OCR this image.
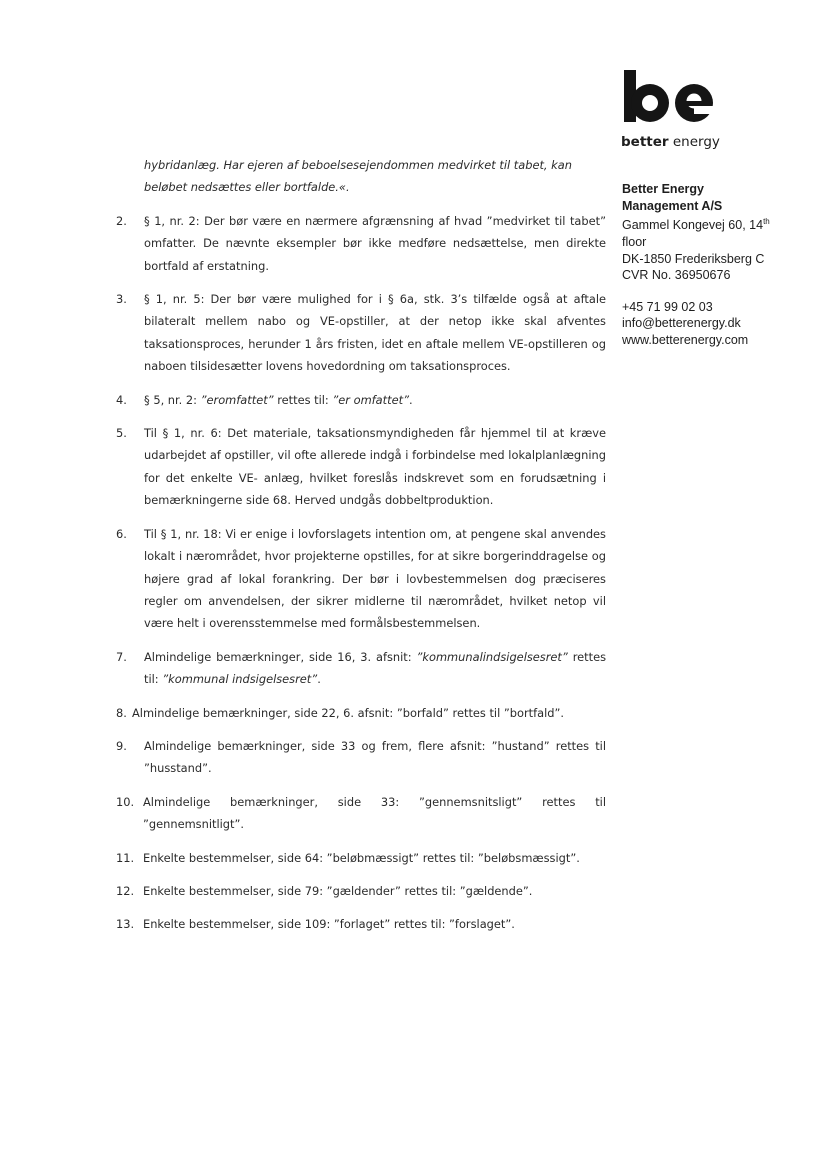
better energy
Better Energy
Management A/S
Gammel Kongevej 60, 14th
floor
DK-1850 Frederiksberg C
CVR No. 36950676
+45 71 99 02 03
info@betterenergy.dk
www.betterenergy.com
hybridanlæg. Har ejeren af beboelsesejendommen medvirket til tabet, kan beløbet nedsættes eller bortfalde.«.
2.	§ 1, nr. 2: Der bør være en nærmere afgrænsning af hvad ”medvirket til tabet” omfatter. De nævnte eksempler bør ikke medføre nedsættelse, men direkte bortfald af erstatning.
3.	§ 1, nr. 5: Der bør være mulighed for i § 6a, stk. 3’s tilfælde også at aftale bilateralt mellem nabo og VE-opstiller, at der netop ikke skal afventes taksationsproces, herunder 1 års fristen, idet en aftale mellem VE-opstilleren og naboen tilsidesætter lovens hovedordning om taksationsproces.
4.	§ 5, nr. 2: ”eromfattet” rettes til: ”er omfattet”.
5.	Til § 1, nr. 6: Det materiale, taksationsmyndigheden får hjemmel til at kræve udarbejdet af opstiller, vil ofte allerede indgå i forbindelse med lokalplanlægning for det enkelte VE- anlæg, hvilket foreslås indskrevet som en forudsætning i bemærkningerne side 68. Herved undgås dobbeltproduktion.
6.	Til § 1, nr. 18: Vi er enige i lovforslagets intention om, at pengene skal anvendes lokalt i nærområdet, hvor projekterne opstilles, for at sikre borgerinddragelse og højere grad af lokal forankring. Der bør i lovbestemmelsen dog præciseres regler om anvendelsen, der sikrer midlerne til nærområdet, hvilket netop vil være helt i overensstemmelse med formålsbestemmelsen.
7.	Almindelige bemærkninger, side 16, 3. afsnit: ”kommunalindsigelsesret” rettes til: ”kommunal indsigelsesret”.
8. Almindelige bemærkninger, side 22, 6. afsnit: ”borfald” rettes til ”bortfald”.
9.	Almindelige bemærkninger, side 33 og frem, flere afsnit: ”hustand” rettes til ”husstand”.
10. Almindelige bemærkninger, side 33: ”gennemsnitsligt” rettes til ”gennemsnitligt”.
11. Enkelte bestemmelser, side 64: ”beløbmæssigt” rettes til: ”beløbsmæssigt”.
12. Enkelte bestemmelser, side 79: ”gældender” rettes til: ”gældende”.
13. Enkelte bestemmelser, side 109: ”forlaget” rettes til: ”forslaget”.
